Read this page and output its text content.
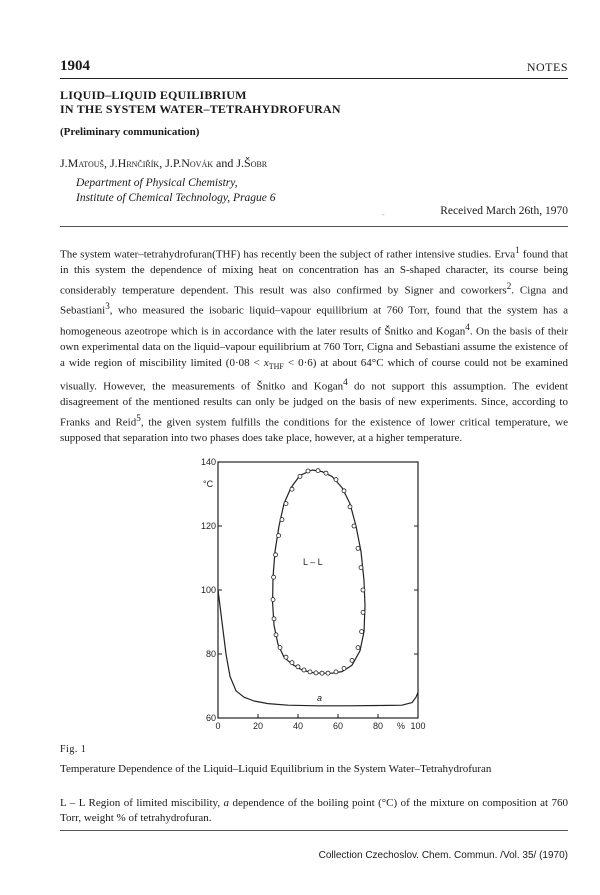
1904	NOTES
LIQUID–LIQUID EQUILIBRIUM
IN THE SYSTEM WATER–TETRAHYDROFURAN
(Preliminary communication)
J.Matouš, J.Hrnčiřík, J.P.Novák and J.Šobr
Department of Physical Chemistry,
Institute of Chemical Technology, Prague 6
-	Received March 26th, 1970

The system water–tetrahydrofuran(THF) has recently been the subject of rather intensive studies. Erva$^1$ found that in this system the dependence of mixing heat on concentration has an S-shaped character, its course being considerably temperature dependent. This result was also confirmed by Signer and coworkers$^2$. Cigna and Sebastiani$^3$, who measured the isobaric liquid–vapour equilibrium at 760 Torr, found that the system has a homogeneous azeotrope which is in accordance with the later results of Šnitko and Kogan$^4$. On the basis of their own experimental data on the liquid–vapour equilibrium at 760 Torr, Cigna and Sebastiani assume the existence of a wide region of miscibility limited $(0\cdot 08 < x_{THF} < 0\cdot 6)$ at about 64°C which of course could not be examined visually. However, the measurements of Šnitko and Kogan$^4$ do not support this assumption. The evident disagreement of the mentioned results can only be judged on the basis of new experiments. Since, according to Franks and Reid$^5$, the given system fulfills the conditions for the existence of lower critical temperature, we supposed that separation into two phases does take place, however, at a higher temperature.

0	20	40	60	80	100
60
80
100
120
140
°C
%
L – L
a
Fig. 1
Temperature Dependence of the Liquid–Liquid Equilibrium in the System Water–Tetrahydrofuran
L – L Region of limited miscibility, a dependence of the boiling point (°C) of the mixture on composition at 760 Torr, weight % of tetrahydrofuran.
Collection Czechoslov. Chem. Commun. /Vol. 35/ (1970)
